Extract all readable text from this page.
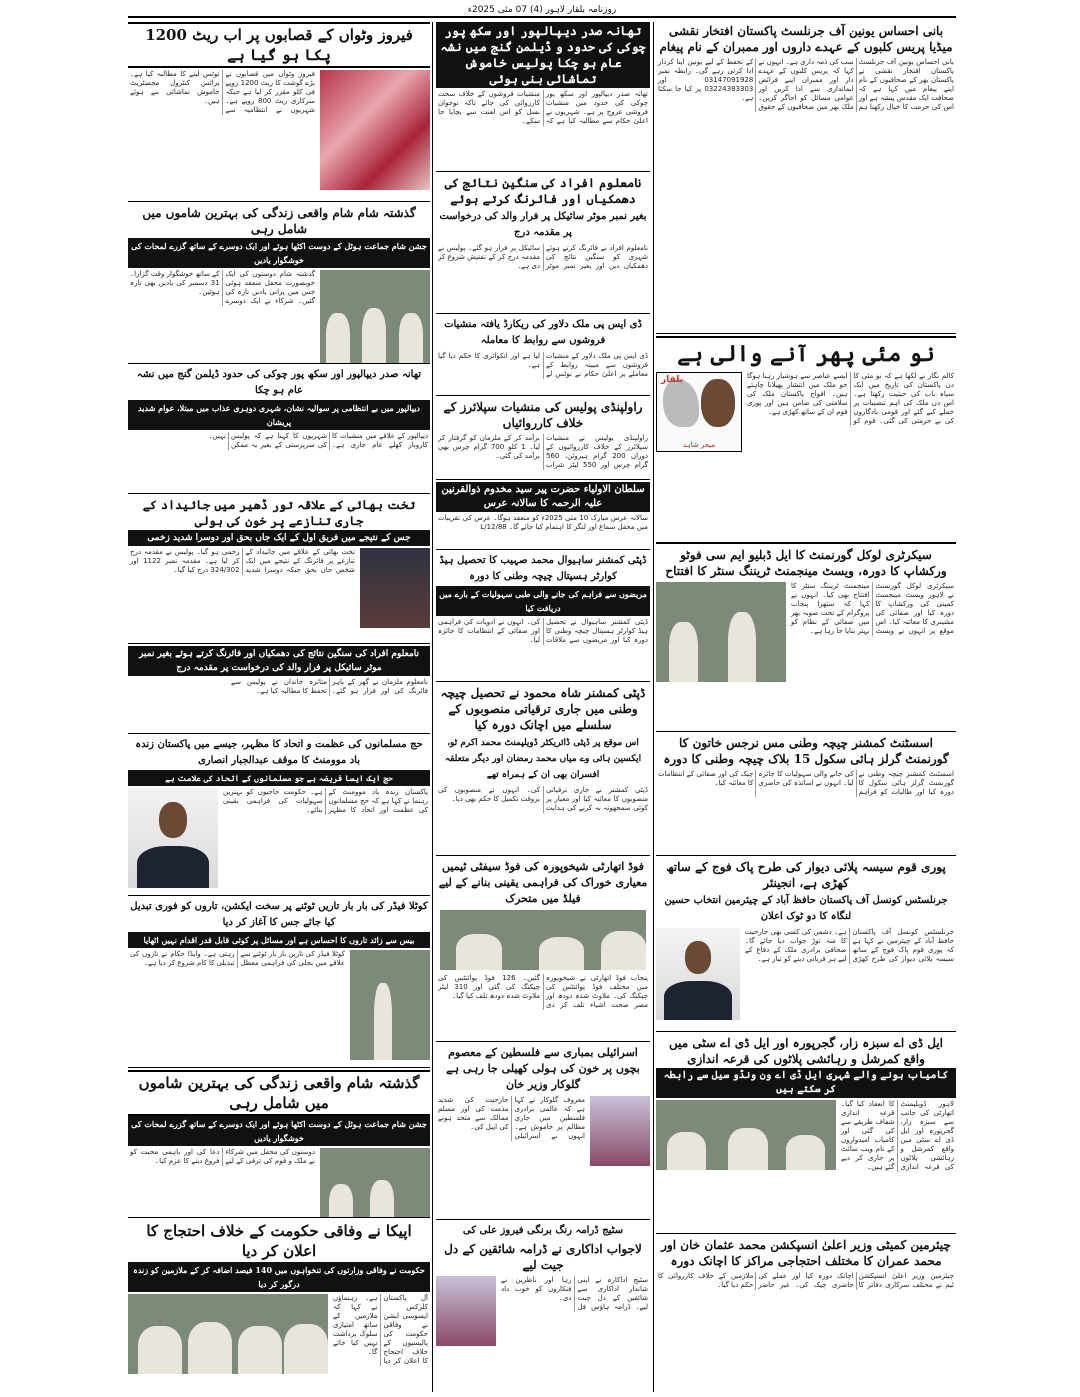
روزنامہ بلقار لاہور (4) 07 مئی 2025ء
بانی احساس یونین آف جرنلسٹ پاکستان افتخار نقشی میڈیا پریس کلبوں کے عہدے داروں اور ممبران کے نام پیغام
بانی احساس یونین آف جرنلسٹ پاکستان افتخار نقشی نے پاکستان بھر کے صحافیوں کے نام اپنے پیغام میں کہا ہے کہ صحافت ایک مقدس پیشہ ہے اور اس کی حرمت کا خیال رکھنا ہم سب کی ذمہ داری ہے۔ انہوں نے کہا کہ پریس کلبوں کے عہدے دار اور ممبران اپنے فرائض ایمانداری سے ادا کریں اور عوامی مسائل کو اجاگر کریں۔ ملک بھر میں صحافیوں کے حقوق کے تحفظ کے لیے یونین اپنا کردار ادا کرتی رہے گی۔ رابطہ نمبر 03147091928 اور 03224383303 پر کیا جا سکتا ہے۔
نو مئی پھر آنے والی ہے
بلقار
میجر شاہد
کالم نگار نے لکھا ہے کہ نو مئی کا دن پاکستان کی تاریخ میں ایک سیاہ باب کی حیثیت رکھتا ہے۔ اس دن ملک کی اہم تنصیبات پر حملے کیے گئے اور قومی یادگاروں کی بے حرمتی کی گئی۔ قوم کو ایسے عناصر سے ہوشیار رہنا ہوگا جو ملک میں انتشار پھیلانا چاہتے ہیں۔ افواج پاکستان ملک کی سلامتی کی ضامن ہیں اور پوری قوم ان کے ساتھ کھڑی ہے۔
سیکرٹری لوکل گورنمنٹ کا ایل ڈبلیو ایم سی فوٹو ورکشاپ کا دورہ، ویسٹ مینجمنٹ ٹریننگ سنٹر کا افتتاح
سیکرٹری لوکل گورنمنٹ نے لاہور ویسٹ مینجمنٹ کمپنی کی ورکشاپ کا دورہ کیا اور صفائی کی مشینری کا معائنہ کیا۔ اس موقع پر انہوں نے ویسٹ مینجمنٹ ٹریننگ سنٹر کا افتتاح بھی کیا۔ انہوں نے کہا کہ ستھرا پنجاب پروگرام کے تحت صوبہ بھر میں صفائی کے نظام کو بہتر بنایا جا رہا ہے۔
اسسٹنٹ کمشنر چیچہ وطنی مس نرجس خاتون کا گورنمنٹ گرلز ہائی سکول 15 بلاک چیچہ وطنی کا دورہ
اسسٹنٹ کمشنر چیچہ وطنی نے گورنمنٹ گرلز ہائی سکول کا دورہ کیا اور طالبات کو فراہم کی جانے والی سہولیات کا جائزہ لیا۔ انہوں نے اساتذہ کی حاضری چیک کی اور صفائی کے انتظامات کا معائنہ کیا۔
پوری قوم سیسہ پلائی دیوار کی طرح پاک فوج کے ساتھ کھڑی ہے، انجینئر
جرنلسٹس کونسل آف پاکستان حافظ آباد کے چیئرمین انتخاب حسین لنگاہ کا دو ٹوک اعلان
جرنلسٹس کونسل آف پاکستان حافظ آباد کے چیئرمین نے کہا ہے کہ پوری قوم پاک فوج کے ساتھ سیسہ پلائی دیوار کی طرح کھڑی ہے۔ دشمن کی کسی بھی جارحیت کا منہ توڑ جواب دیا جائے گا۔ صحافی برادری ملک کے دفاع کے لیے ہر قربانی دینے کو تیار ہے۔
ایل ڈی اے سبزہ زار، گجرپورہ اور ایل ڈی اے سٹی میں واقع کمرشل و رہائشی پلاٹوں کی قرعہ اندازی
کامیاب ہونے والے شہری ایل ڈی اے ون ونڈو سیل سے رابطہ کر سکتے ہیں
لاہور ڈویلپمنٹ اتھارٹی کی جانب سے سبزہ زار، گجرپورہ اور ایل ڈی اے سٹی میں واقع کمرشل و رہائشی پلاٹوں کی قرعہ اندازی کا انعقاد کیا گیا۔ قرعہ اندازی شفاف طریقے سے کی گئی اور کامیاب امیدواروں کے نام ویب سائٹ پر جاری کر دیے گئے ہیں۔
چیئرمین کمیٹی وزیر اعلیٰ انسپکشن محمد عثمان خان اور محمد عمران کا مختلف احتجاجی مراکز کا اچانک دورہ
چیئرمین وزیر اعلیٰ انسپکشن ٹیم نے مختلف سرکاری دفاتر کا اچانک دورہ کیا اور عملے کی حاضری چیک کی۔ غیر حاضر ملازمین کے خلاف کارروائی کا حکم دیا گیا۔
تھانہ صدر دیپالپور اور سکھ پور چوکی کی حدود و ڈیلمن گنج میں نشہ عام ہو چکا پولیس خاموش تماشائی بنی ہوئی
تھانہ صدر دیپالپور اور سکھ پور چوکی کی حدود میں منشیات فروشی عروج پر ہے۔ شہریوں نے اعلیٰ حکام سے مطالبہ کیا ہے کہ منشیات فروشوں کے خلاف سخت کارروائی کی جائے تاکہ نوجوان نسل کو اس لعنت سے بچایا جا سکے۔
نامعلوم افراد کی سنگین نتائج کی دھمکیاں اور فائرنگ کرتے ہوئے
بغیر نمبر موٹر سائیکل پر فرار والد کی درخواست پر مقدمہ درج
نامعلوم افراد نے فائرنگ کرتے ہوئے شہری کو سنگین نتائج کی دھمکیاں دیں اور بغیر نمبر موٹر سائیکل پر فرار ہو گئے۔ پولیس نے مقدمہ درج کر کے تفتیش شروع کر دی ہے۔
ڈی ایس پی ملک دلاور کی ریکارڈ یافتہ منشیات فروشوں سے روابط کا معاملہ
ڈی ایس پی ملک دلاور کے منشیات فروشوں سے مبینہ روابط کے معاملے پر اعلیٰ حکام نے نوٹس لے لیا ہے اور انکوائری کا حکم دیا گیا ہے۔
راولپنڈی پولیس کی منشیات سپلائرز کے خلاف کارروائیاں
راولپنڈی پولیس نے منشیات سپلائرز کے خلاف کارروائیوں کے دوران 200 گرام ہیروئن، 560 گرام چرس اور 550 لیٹر شراب برآمد کر کے ملزمان کو گرفتار کر لیا۔ 1 کلو 700 گرام چرس بھی برآمد کی گئی۔
سلطان الاولیاء حضرت پیر سید مخدوم ذوالقرنین علیہ الرحمہ کا سالانہ عرس
سالانہ عرس مبارک 10 مئی 2025ء کو منعقد ہوگا۔ عرس کی تقریبات میں محفل سماع اور لنگر کا اہتمام کیا جائے گا۔ 12/88/L
ڈپٹی کمشنر ساہیوال محمد صہیب کا تحصیل ہیڈ کوارٹر ہسپتال چیچہ وطنی کا دورہ
مریضوں سے فراہم کی جانے والی طبی سہولیات کے بارے میں دریافت کیا
ڈپٹی کمشنر ساہیوال نے تحصیل ہیڈ کوارٹر ہسپتال چیچہ وطنی کا دورہ کیا اور مریضوں سے ملاقات کی۔ انہوں نے ادویات کی فراہمی اور صفائی کے انتظامات کا جائزہ لیا۔
ڈپٹی کمشنر شاہ محمود نے تحصیل چیچہ وطنی میں جاری ترقیاتی منصوبوں کے سلسلے میں اچانک دورہ کیا
اس موقع پر ڈپٹی ڈائریکٹر ڈویلپمنٹ محمد اکرم ٹو، ایکسین ہائی وے میاں محمد رمضان اور دیگر متعلقہ افسران بھی ان کے ہمراہ تھے
ڈپٹی کمشنر نے جاری ترقیاتی منصوبوں کا معائنہ کیا اور معیار پر کوئی سمجھوتہ نہ کرنے کی ہدایت کی۔ انہوں نے منصوبوں کی بروقت تکمیل کا حکم بھی دیا۔
فوڈ اتھارٹی شیخوپورہ کی فوڈ سیفٹی ٹیمیں معیاری خوراک کی فراہمی یقینی بنانے کے لیے فیلڈ میں متحرک
پنجاب فوڈ اتھارٹی نے شیخوپورہ میں مختلف فوڈ پوائنٹس کی چیکنگ کی۔ ملاوٹ شدہ دودھ اور مضر صحت اشیاء تلف کر دی گئیں۔ 126 فوڈ پوائنٹس کی چیکنگ کی گئی اور 310 لیٹر ملاوٹ شدہ دودھ تلف کیا گیا۔
اسرائیلی بمباری سے فلسطین کے معصوم بچوں پر خون کی ہولی کھیلی جا رہی ہے گلوکار وزیر خان
معروف گلوکار نے کہا ہے کہ عالمی برادری فلسطین میں جاری مظالم پر خاموش ہے۔ انہوں نے اسرائیلی جارحیت کی شدید مذمت کی اور مسلم ممالک سے متحد ہونے کی اپیل کی۔
سٹیج ڈرامہ رنگ برنگی فیروز علی کی
لاجواب اداکاری نے ڈرامہ شائقین کے دل جیت لیے
سٹیج اداکارہ نے اپنی شاندار اداکاری سے شائقین کے دل جیت لیے۔ ڈرامہ ہاؤس فل رہا اور ناظرین نے فنکاروں کو خوب داد دی۔
فیروز وٹواں کے قصابوں پر اب ریٹ 1200 پکا ہو گیا ہے
فیروز وٹواں میں قصابوں نے بڑے گوشت کا ریٹ 1200 روپے فی کلو مقرر کر لیا ہے جبکہ سرکاری ریٹ 800 روپے ہے۔ شہریوں نے انتظامیہ سے نوٹس لینے کا مطالبہ کیا ہے۔ پرائس کنٹرول مجسٹریٹ خاموش تماشائی بنے ہوئے ہیں۔
گذشتہ شام شام واقعی زندگی کی بہترین شاموں میں شامل رہی
جشن شام جماعت ہوٹل کے دوست اکٹھا ہوئے اور ایک دوسرے کے ساتھ گزرے لمحات کی خوشگوار یادیں
گذشتہ شام دوستوں کی ایک خوبصورت محفل منعقد ہوئی جس میں پرانی یادیں تازہ کی گئیں۔ شرکاء نے ایک دوسرے کے ساتھ خوشگوار وقت گزارا۔ 31 دسمبر کی یادیں بھی تازہ ہوئیں۔
تھانہ صدر دیپالپور اور سکھ پور چوکی کی حدود ڈیلمن گنج میں نشہ عام ہو چکا
دیپالپور میں بے انتظامی پر سوالیہ نشان، شہری دوہری عذاب میں مبتلا، عوام شدید پریشان
دیپالپور کے علاقے میں منشیات کا کاروبار کھلے عام جاری ہے۔ شہریوں کا کہنا ہے کہ پولیس کی سرپرستی کے بغیر یہ ممکن نہیں۔
تخت بھائی کے علاقہ تور ڈھیر میں جائیداد کے جاری تنازعے پر خون کی ہولی
جس کے نتیجے میں فریق اول کے ایک جاں بحق اور دوسرا شدید زخمی
تخت بھائی کے علاقے میں جائیداد کے تنازعے پر فائرنگ کے نتیجے میں ایک شخص جاں بحق جبکہ دوسرا شدید زخمی ہو گیا۔ پولیس نے مقدمہ درج کر لیا ہے۔ مقدمہ نمبر 1122 اور 324/302 درج کیا گیا۔
نامعلوم افراد کی سنگین نتائج کی دھمکیاں اور فائرنگ کرتے ہوئے بغیر نمبر موٹر سائیکل پر فرار والد کی درخواست پر مقدمہ درج
نامعلوم ملزمان نے گھر کے باہر فائرنگ کی اور فرار ہو گئے۔ متاثرہ خاندان نے پولیس سے تحفظ کا مطالبہ کیا ہے۔
حج مسلمانوں کی عظمت و اتحاد کا مظہر، جیسے میں پاکستان زندہ باد موومنٹ کا موقف عبدالجبار انصاری
حج ایک ایسا فریضہ ہے جو مسلمانوں کے اتحاد کی علامت ہے
پاکستان زندہ باد موومنٹ کے رہنما نے کہا ہے کہ حج مسلمانوں کی عظمت اور اتحاد کا مظہر ہے۔ حکومت حاجیوں کو بہترین سہولیات کی فراہمی یقینی بنائے۔
کوٹلا فیڈر کی بار بار تاریں ٹوٹنے پر سخت ایکشن، تاروں کو فوری تبدیل کیا جائے جس کا آغاز کر دیا
بیس سے زائد تاروں کا احساس ہے اور مسائل پر کوئی قابل قدر اقدام نہیں اٹھایا
کوٹلا فیڈر کی تاریں بار بار ٹوٹنے سے علاقے میں بجلی کی فراہمی معطل رہتی ہے۔ واپڈا حکام نے تاروں کی تبدیلی کا کام شروع کر دیا ہے۔
گذشتہ شام واقعی زندگی کی بہترین شاموں میں شامل رہی
جشن شام جماعت ہوٹل کے دوست اکٹھا ہوئے اور ایک دوسرے کے ساتھ گزرے لمحات کی خوشگوار یادیں
دوستوں کی محفل میں شرکاء نے ملک و قوم کی ترقی کے لیے دعا کی اور باہمی محبت کو فروغ دینے کا عزم کیا۔
اپیکا نے وفاقی حکومت کے خلاف احتجاج کا اعلان کر دیا
حکومت نے وفاقی وزارتوں کی تنخواہوں میں 140 فیصد اضافہ کر کے ملازمین کو زندہ درگور کر دیا
آل پاکستان کلرکس ایسوسی ایشن نے وفاقی حکومت کی پالیسیوں کے خلاف احتجاج کا اعلان کر دیا ہے۔ رہنماؤں نے کہا کہ ملازمین کے ساتھ امتیازی سلوک برداشت نہیں کیا جائے گا۔
